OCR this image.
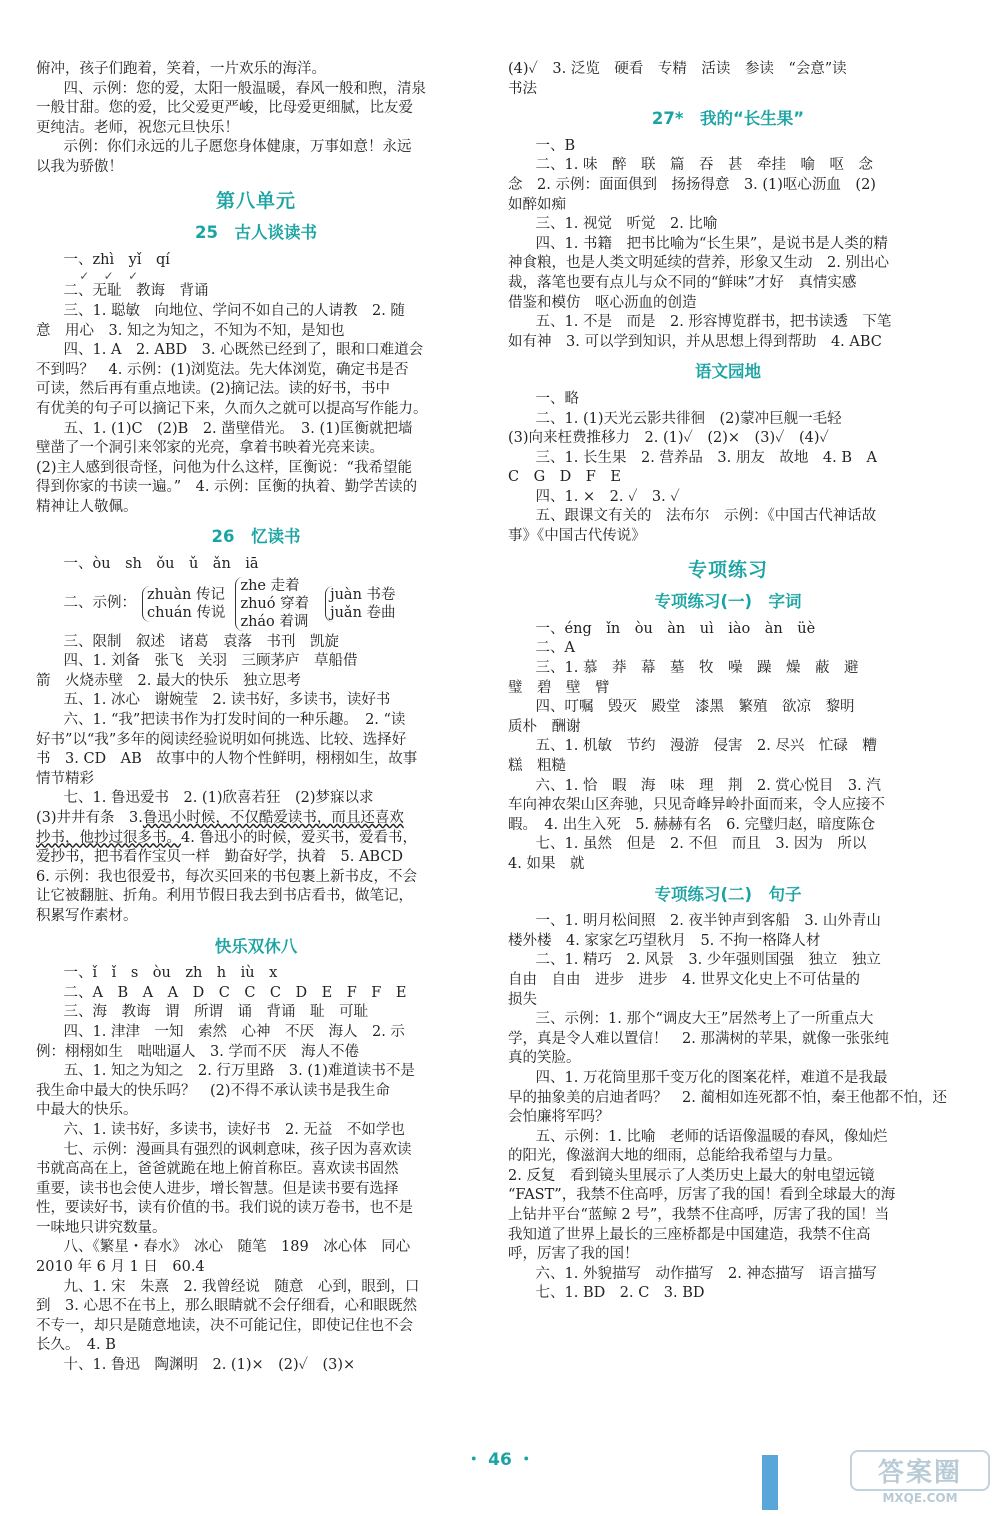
俯冲，孩子们跑着，笑着，一片欢乐的海洋。
四、示例：您的爱，太阳一般温暖，春风一般和煦，清泉
一般甘甜。您的爱，比父爱更严峻，比母爱更细腻，比友爱
更纯洁。老师，祝您元旦快乐！
示例：你们永远的儿子愿您身体健康，万事如意！永远
以我为骄傲！
第八单元
25　古人谈读书
一、zhì　yǐ　qí
✓✓✓
二、无耻　教诲　背诵
三、1. 聪敏　向地位、学问不如自己的人请教　2. 随
意　用心　3. 知之为知之，不知为不知，是知也
四、1. A　2. ABD　3. 心既然已经到了，眼和口难道会
不到吗？　4. 示例：(1)浏览法。先大体浏览，确定书是否
可读，然后再有重点地读。(2)摘记法。读的好书，书中
有优美的句子可以摘记下来，久而久之就可以提高写作能力。
五、1. (1)C　(2)B　2. 凿壁借光。　3. (1)匡衡就把墙
壁凿了一个洞引来邻家的光亮，拿着书映着光亮来读。
(2)主人感到很奇怪，问他为什么这样，匡衡说：“我希望能
得到你家的书读一遍。”　4. 示例：匡衡的执着、勤学苦读的
精神让人敬佩。
26　忆读书
一、òu　sh　ǒu　ǔ　ǎn　iā
二、示例：
zhuàn 传记
chuán 传说
zhe 走着
zhuó 穿着
zháo 着调
juàn 书卷
juǎn 卷曲
三、限制　叙述　诸葛　袁落　书刊　凯旋
四、1. 刘备　张飞　关羽　三顾茅庐　草船借
箭　火烧赤壁　2. 最大的快乐　独立思考
五、1. 冰心　谢婉莹　2. 读书好，多读书，读好书
六、1. “我”把读书作为打发时间的一种乐趣。　2. “读
好书”以“我”多年的阅读经验说明如何挑选、比较、选择好
书　3. CD　AB　故事中的人物个性鲜明，栩栩如生，故事
情节精彩
七、1. 鲁迅爱书　2. (1)欣喜若狂　(2)梦寐以求
(3)井井有条　3.鲁迅小时候，不仅酷爱读书，而且还喜欢
抄书，他抄过很多书。4. 鲁迅小的时候，爱买书，爱看书，
爱抄书，把书看作宝贝一样　勤奋好学，执着　5. ABCD
6. 示例：我也很爱书，每次买回来的书包裹上新书皮，不会
让它被翻脏、折角。利用节假日我去到书店看书，做笔记，
积累写作素材。
快乐双休八
一、ǐ　ǐ　s　òu　zh　h　iù　x
二、A　B　A　A　D　C　C　C　D　E　F　F　E
三、海　教诲　谓　所谓　诵　背诵　耻　可耻
四、1. 津津　一知　索然　心神　不厌　海人　2. 示
例：栩栩如生　咄咄逼人　3. 学而不厌　海人不倦
五、1. 知之为知之　2. 行万里路　3. (1)难道读书不是
我生命中最大的快乐吗？　(2)不得不承认读书是我生命
中最大的快乐。
六、1. 读书好，多读书，读好书　2. 无益　不如学也
七、示例：漫画具有强烈的讽刺意味，孩子因为喜欢读
书就高高在上，爸爸就跪在地上俯首称臣。喜欢读书固然
重要，读书也会使人进步，增长智慧。但是读书要有选择
性，要读好书，读有价值的书。我们说的读万卷书，也不是
一味地只讲究数量。
八、《繁星・春水》　冰心　随笔　189　冰心体　同心
2010 年 6 月 1 日　60.4
九、1. 宋　朱熹　2. 我曾经说　随意　心到，眼到，口
到　3. 心思不在书上，那么眼睛就不会仔细看，心和眼既然
不专一，却只是随意地读，决不可能记住，即使记住也不会
长久。　4. B
十、1. 鲁迅　陶渊明　2. (1)×　(2)✓　(3)×
(4)✓　3. 泛览　硬看　专精　活读　参读　“会意”读
书法
27*　我的“长生果”
一、B
二、1. 味　醉　联　篇　吞　甚　牵挂　喻　呕　念
念　2. 示例：面面俱到　扬扬得意　3. (1)呕心沥血　(2)
如醉如痴
三、1. 视觉　听觉　2. 比喻
四、1. 书籍　把书比喻为“长生果”，是说书是人类的精
神食粮，也是人类文明延续的营养，形象又生动　2. 别出心
裁，落笔也要有点儿与众不同的“鲜味”才好　真情实感
借鉴和模仿　呕心沥血的创造
五、1. 不是　而是　2. 形容博览群书，把书读透　下笔
如有神　3. 可以学到知识，并从思想上得到帮助　4. ABC
语文园地
一、略
二、1. (1)天光云影共徘徊　(2)蒙冲巨舰一毛轻
(3)向来枉费推移力　2. (1)✓　(2)×　(3)✓　(4)✓
三、1. 长生果　2. 营养品　3. 朋友　故地　4. B　A
C　G　D　F　E
四、1. ×　2. ✓　3. ✓
五、跟课文有关的　法布尔　示例：《中国古代神话故
事》《中国古代传说》
专项练习
专项练习(一)　字词
一、éng　ǐn　òu　àn　uì　iào　àn　üè
二、A
三、1. 慕　莽　幕　墓　牧　噪　躁　燥　蔽　避
璧　碧　壁　臂
四、叮嘱　毁灭　殿堂　漆黑　繁殖　欲凉　黎明
质朴　酬谢
五、1. 机敏　节约　漫游　侵害　2. 尽兴　忙碌　糟
糕　粗糙
六、1. 恰　暇　海　味　理　荆　2. 赏心悦目　3. 汽
车向神农架山区奔驰，只见奇峰异岭扑面而来，令人应接不
暇。　4. 出生入死　5. 赫赫有名　6. 完璧归赵，暗度陈仓
七、1. 虽然　但是　2. 不但　而且　3. 因为　所以
4. 如果　就
专项练习(二)　句子
一、1. 明月松间照　2. 夜半钟声到客船　3. 山外青山
楼外楼　4. 家家乞巧望秋月　5. 不拘一格降人材
二、1. 精巧　2. 风景　3. 少年强则国强　独立　独立
自由　自由　进步　进步　4. 世界文化史上不可估量的
损失
三、示例：1. 那个“调皮大王”居然考上了一所重点大
学，真是令人难以置信！　2. 那满树的苹果，就像一张张纯
真的笑脸。
四、1. 万花筒里那千变万化的图案花样，难道不是我最
早的抽象美的启迪者吗？　2. 蔺相如连死都不怕，秦王他都不怕，还
会怕廉将军吗？
五、示例：1. 比喻　老师的话语像温暖的春风，像灿烂
的阳光，像滋润大地的细雨，总能给我希望与力量。
2. 反复　看到镜头里展示了人类历史上最大的射电望远镜
“FAST”，我禁不住高呼，厉害了我的国！看到全球最大的海
上钻井平台“蓝鲸 2 号”，我禁不住高呼，厉害了我的国！当
我知道了世界上最长的三座桥都是中国建造，我禁不住高
呼，厉害了我的国！
六、1. 外貌描写　动作描写　2. 神态描写　语言描写
七、1. BD　2. C　3. BD
・ 46 ・	答案圈
MXQE.COM
